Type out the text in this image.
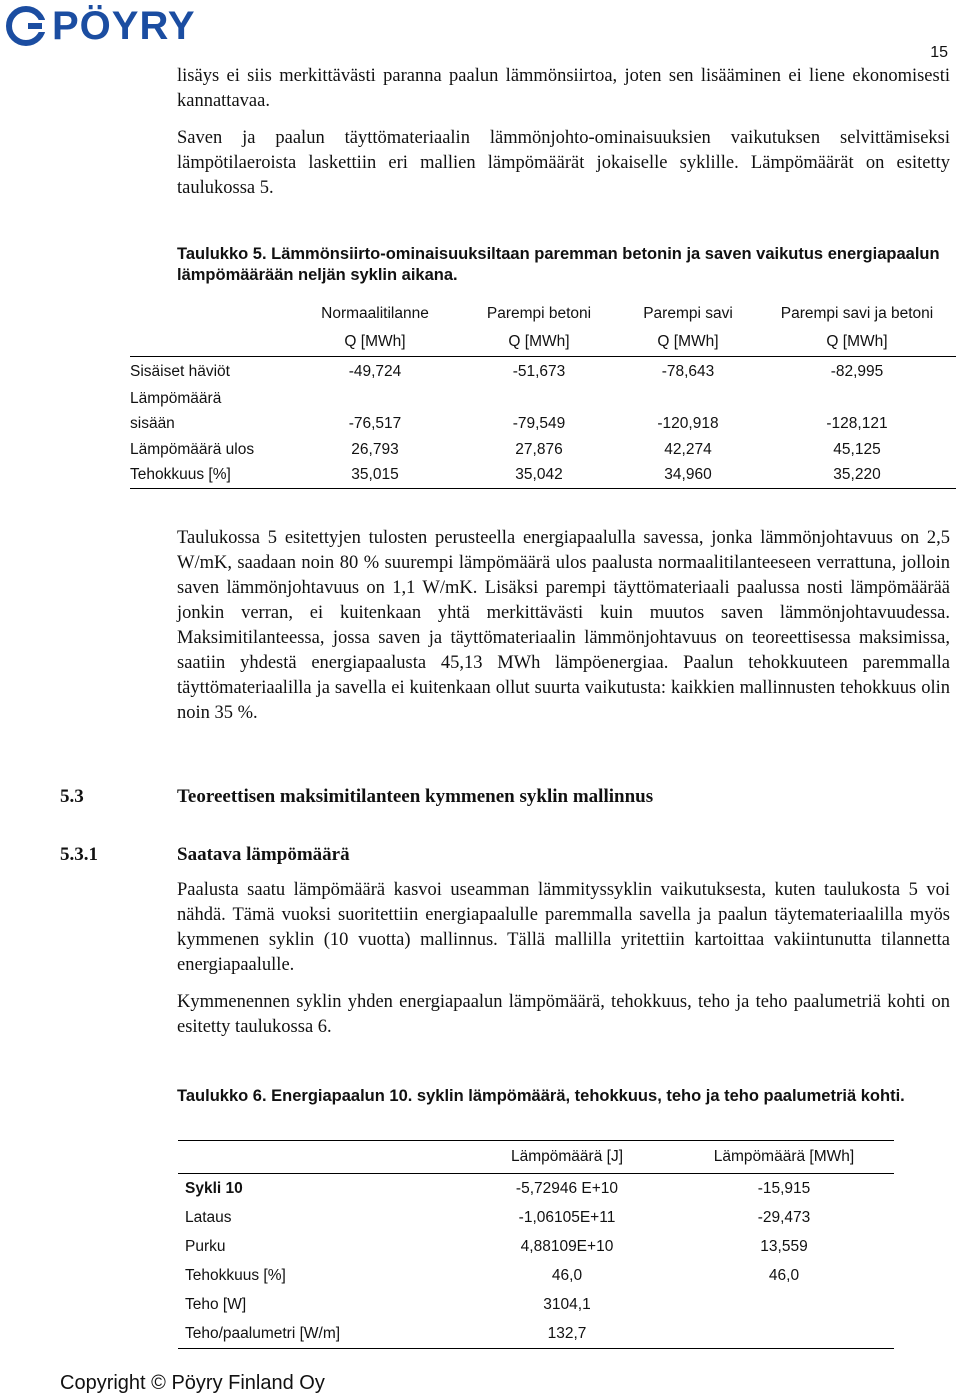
PÖYRY
15
lisäys ei siis merkittävästi paranna paalun lämmönsiirtoa, joten sen lisääminen ei liene ekonomisesti kannattavaa.
Saven ja paalun täyttömateriaalin lämmönjohto-ominaisuuksien vaikutuksen selvittämiseksi lämpötilaeroista laskettiin eri mallien lämpömäärät jokaiselle syklille. Lämpömäärät on esitetty taulukossa 5.
Taulukko 5. Lämmönsiirto-ominaisuuksiltaan paremman betonin ja saven vaikutus energiapaalun lämpömäärään neljän syklin aikana.
	Normaalitilanne	Parempi betoni	Parempi savi	Parempi savi ja betoni
	Q [MWh]	Q [MWh]	Q [MWh]	Q [MWh]
Sisäiset häviöt	-49,724	-51,673	-78,643	-82,995
Lämpömäärä				
sisään	-76,517	-79,549	-120,918	-128,121
Lämpömäärä ulos	26,793	27,876	42,274	45,125
Tehokkuus [%]	35,015	35,042	34,960	35,220
Taulukossa 5 esitettyjen tulosten perusteella energiapaalulla savessa, jonka lämmönjohtavuus on 2,5 W/mK, saadaan noin 80 % suurempi lämpömäärä ulos paalusta normaalitilanteeseen verrattuna, jolloin saven lämmönjohtavuus on 1,1 W/mK. Lisäksi parempi täyttömateriaali paalussa nosti lämpömäärää jonkin verran, ei kuitenkaan yhtä merkittävästi kuin muutos saven lämmönjohtavuudessa. Maksimitilanteessa, jossa saven ja täyttömateriaalin lämmönjohtavuus on teoreettisessa maksimissa, saatiin yhdestä energiapaalusta 45,13 MWh lämpöenergiaa. Paalun tehokkuuteen paremmalla täyttömateriaalilla ja savella ei kuitenkaan ollut suurta vaikutusta: kaikkien mallinnusten tehokkuus olin noin 35 %.
5.3	Teoreettisen maksimitilanteen kymmenen syklin mallinnus
5.3.1	Saatava lämpömäärä
Paalusta saatu lämpömäärä kasvoi useamman lämmityssyklin vaikutuksesta, kuten taulukosta 5 voi nähdä. Tämä vuoksi suoritettiin energiapaalulle paremmalla savella ja paalun täytemateriaalilla myös kymmenen syklin (10 vuotta) mallinnus. Tällä mallilla yritettiin kartoittaa vakiintunutta tilannetta energiapaalulle.
Kymmenennen syklin yhden energiapaalun lämpömäärä, tehokkuus, teho ja teho paalumetriä kohti on esitetty taulukossa 6.
Taulukko 6. Energiapaalun 10. syklin lämpömäärä, tehokkuus, teho ja teho paalumetriä kohti.
	Lämpömäärä [J]	Lämpömäärä [MWh]
Sykli 10	-5,72946 E+10	-15,915
Lataus	-1,06105E+11	-29,473
Purku	4,88109E+10	13,559
Tehokkuus [%]	46,0	46,0
Teho [W]	3104,1	
Teho/paalumetri [W/m]	132,7	
Copyright © Pöyry Finland Oy
